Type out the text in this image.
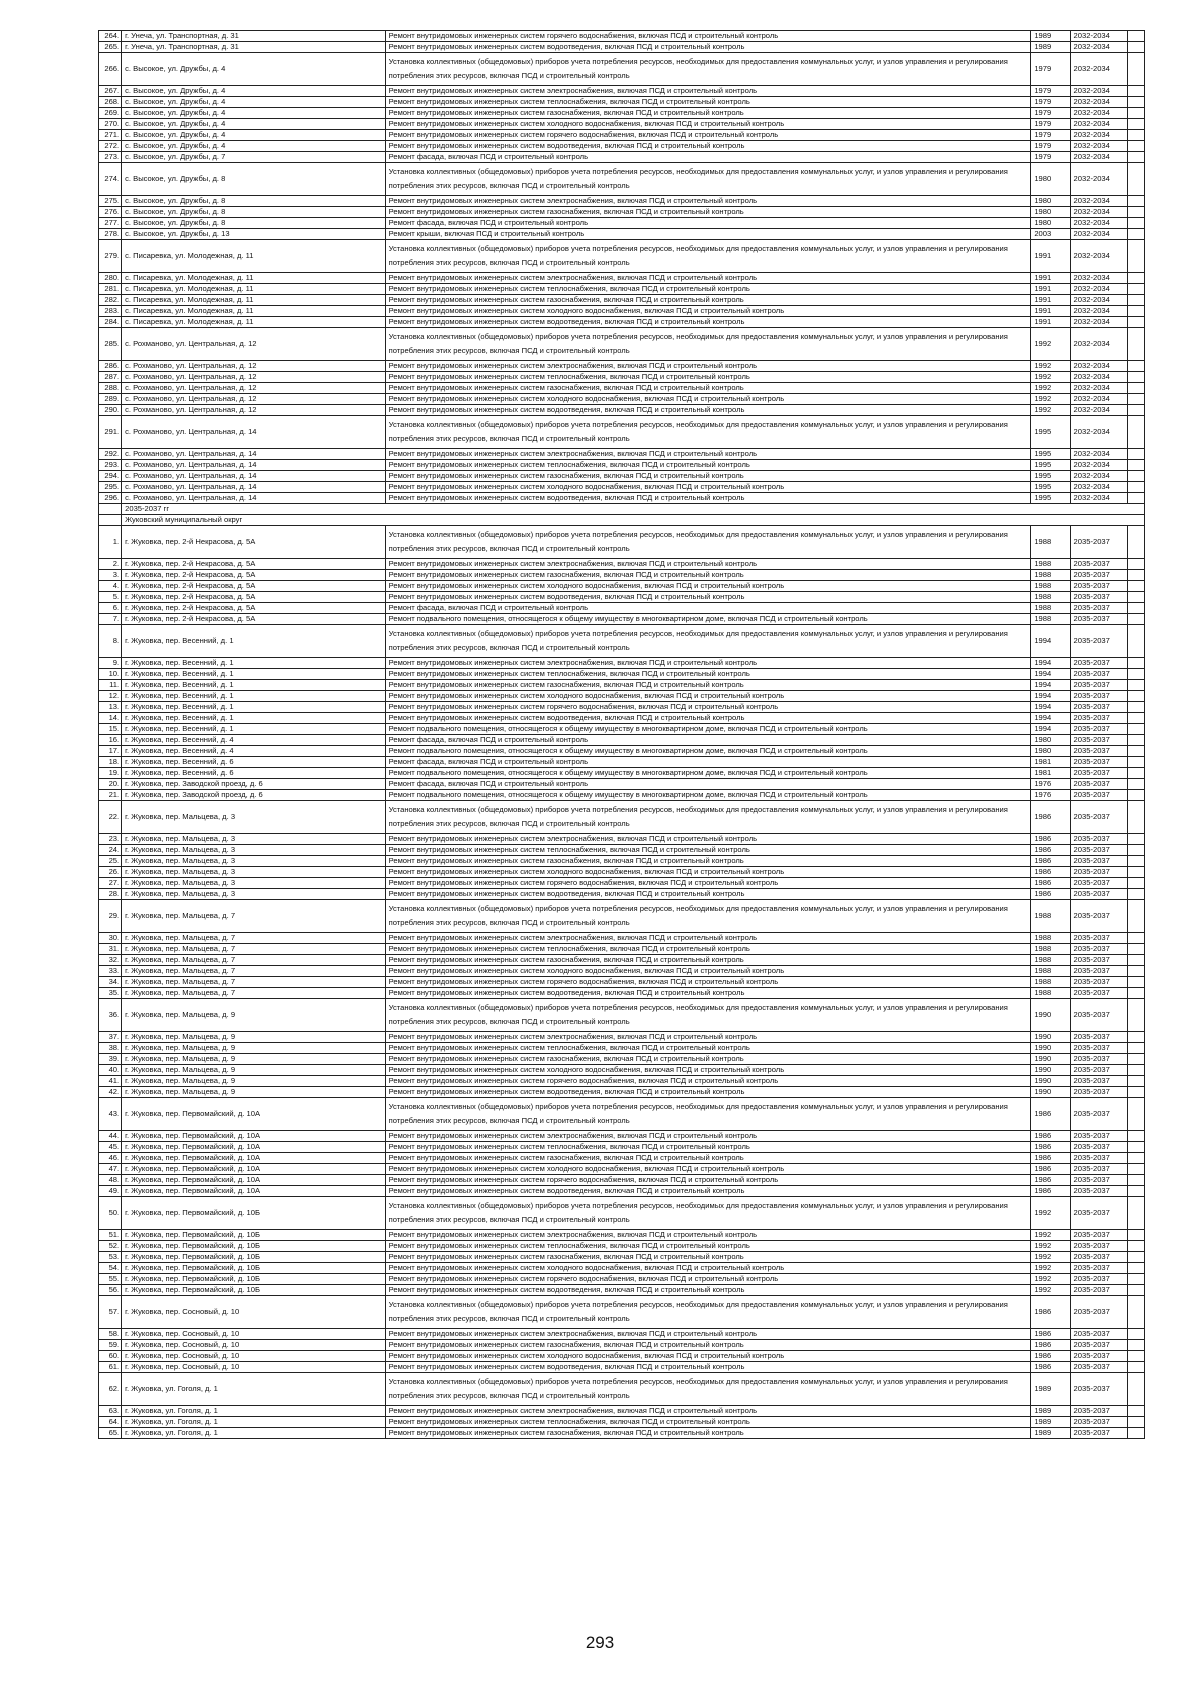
264.	г. Унеча, ул. Транспортная, д. 31	Ремонт внутридомовых инженерных систем горячего водоснабжения, включая ПСД и строительный контроль	1989	2032-2034	
265.	г. Унеча, ул. Транспортная, д. 31	Ремонт внутридомовых инженерных систем водоотведения, включая ПСД и строительный контроль	1989	2032-2034	
266.	с. Высокое, ул. Дружбы, д. 4	Установка коллективных (общедомовых) приборов учета потребления ресурсов, необходимых для предоставления коммунальных услуг, и узлов управления и регулирования потребления этих ресурсов, включая ПСД и строительный контроль	1979	2032-2034	
267.	с. Высокое, ул. Дружбы, д. 4	Ремонт внутридомовых инженерных систем электроснабжения, включая ПСД и строительный контроль	1979	2032-2034	
268.	с. Высокое, ул. Дружбы, д. 4	Ремонт внутридомовых инженерных систем теплоснабжения, включая ПСД и строительный контроль	1979	2032-2034	
269.	с. Высокое, ул. Дружбы, д. 4	Ремонт внутридомовых инженерных систем газоснабжения, включая ПСД и строительный контроль	1979	2032-2034	
270.	с. Высокое, ул. Дружбы, д. 4	Ремонт внутридомовых инженерных систем холодного водоснабжения, включая ПСД и строительный контроль	1979	2032-2034	
271.	с. Высокое, ул. Дружбы, д. 4	Ремонт внутридомовых инженерных систем горячего водоснабжения, включая ПСД и строительный контроль	1979	2032-2034	
272.	с. Высокое, ул. Дружбы, д. 4	Ремонт внутридомовых инженерных систем водоотведения, включая ПСД и строительный контроль	1979	2032-2034	
273.	с. Высокое, ул. Дружбы, д. 7	Ремонт фасада, включая ПСД и строительный контроль	1979	2032-2034	
274.	с. Высокое, ул. Дружбы, д. 8	Установка коллективных (общедомовых) приборов учета потребления ресурсов, необходимых для предоставления коммунальных услуг, и узлов управления и регулирования потребления этих ресурсов, включая ПСД и строительный контроль	1980	2032-2034	
275.	с. Высокое, ул. Дружбы, д. 8	Ремонт внутридомовых инженерных систем электроснабжения, включая ПСД и строительный контроль	1980	2032-2034	
276.	с. Высокое, ул. Дружбы, д. 8	Ремонт внутридомовых инженерных систем газоснабжения, включая ПСД и строительный контроль	1980	2032-2034	
277.	с. Высокое, ул. Дружбы, д. 8	Ремонт фасада, включая ПСД и строительный контроль	1980	2032-2034	
278.	с. Высокое, ул. Дружбы, д. 13	Ремонт крыши, включая ПСД и строительный контроль	2003	2032-2034	
279.	с. Писаревка, ул. Молодежная, д. 11	Установка коллективных (общедомовых) приборов учета потребления ресурсов, необходимых для предоставления коммунальных услуг, и узлов управления и регулирования потребления этих ресурсов, включая ПСД и строительный контроль	1991	2032-2034	
280.	с. Писаревка, ул. Молодежная, д. 11	Ремонт внутридомовых инженерных систем электроснабжения, включая ПСД и строительный контроль	1991	2032-2034	
281.	с. Писаревка, ул. Молодежная, д. 11	Ремонт внутридомовых инженерных систем теплоснабжения, включая ПСД и строительный контроль	1991	2032-2034	
282.	с. Писаревка, ул. Молодежная, д. 11	Ремонт внутридомовых инженерных систем газоснабжения, включая ПСД и строительный контроль	1991	2032-2034	
283.	с. Писаревка, ул. Молодежная, д. 11	Ремонт внутридомовых инженерных систем холодного водоснабжения, включая ПСД и строительный контроль	1991	2032-2034	
284.	с. Писаревка, ул. Молодежная, д. 11	Ремонт внутридомовых инженерных систем водоотведения, включая ПСД и строительный контроль	1991	2032-2034	
285.	с. Рохманово, ул. Центральная, д. 12	Установка коллективных (общедомовых) приборов учета потребления ресурсов, необходимых для предоставления коммунальных услуг, и узлов управления и регулирования потребления этих ресурсов, включая ПСД и строительный контроль	1992	2032-2034	
286.	с. Рохманово, ул. Центральная, д. 12	Ремонт внутридомовых инженерных систем электроснабжения, включая ПСД и строительный контроль	1992	2032-2034	
287.	с. Рохманово, ул. Центральная, д. 12	Ремонт внутридомовых инженерных систем теплоснабжения, включая ПСД и строительный контроль	1992	2032-2034	
288.	с. Рохманово, ул. Центральная, д. 12	Ремонт внутридомовых инженерных систем газоснабжения, включая ПСД и строительный контроль	1992	2032-2034	
289.	с. Рохманово, ул. Центральная, д. 12	Ремонт внутридомовых инженерных систем холодного водоснабжения, включая ПСД и строительный контроль	1992	2032-2034	
290.	с. Рохманово, ул. Центральная, д. 12	Ремонт внутридомовых инженерных систем водоотведения, включая ПСД и строительный контроль	1992	2032-2034	
291.	с. Рохманово, ул. Центральная, д. 14	Установка коллективных (общедомовых) приборов учета потребления ресурсов, необходимых для предоставления коммунальных услуг, и узлов управления и регулирования потребления этих ресурсов, включая ПСД и строительный контроль	1995	2032-2034	
292.	с. Рохманово, ул. Центральная, д. 14	Ремонт внутридомовых инженерных систем электроснабжения, включая ПСД и строительный контроль	1995	2032-2034	
293.	с. Рохманово, ул. Центральная, д. 14	Ремонт внутридомовых инженерных систем теплоснабжения, включая ПСД и строительный контроль	1995	2032-2034	
294.	с. Рохманово, ул. Центральная, д. 14	Ремонт внутридомовых инженерных систем газоснабжения, включая ПСД и строительный контроль	1995	2032-2034	
295.	с. Рохманово, ул. Центральная, д. 14	Ремонт внутридомовых инженерных систем холодного водоснабжения, включая ПСД и строительный контроль	1995	2032-2034	
296.	с. Рохманово, ул. Центральная, д. 14	Ремонт внутридомовых инженерных систем водоотведения, включая ПСД и строительный контроль	1995	2032-2034	
	2035-2037 гг				
	Жуковский муниципальный округ				
1.	г. Жуковка, пер. 2-й Некрасова, д. 5А	Установка коллективных (общедомовых) приборов учета потребления ресурсов, необходимых для предоставления коммунальных услуг, и узлов управления и регулирования потребления этих ресурсов, включая ПСД и строительный контроль	1988	2035-2037	
2.	г. Жуковка, пер. 2-й Некрасова, д. 5А	Ремонт внутридомовых инженерных систем электроснабжения, включая ПСД и строительный контроль	1988	2035-2037	
3.	г. Жуковка, пер. 2-й Некрасова, д. 5А	Ремонт внутридомовых инженерных систем газоснабжения, включая ПСД и строительный контроль	1988	2035-2037	
4.	г. Жуковка, пер. 2-й Некрасова, д. 5А	Ремонт внутридомовых инженерных систем холодного водоснабжения, включая ПСД и строительный контроль	1988	2035-2037	
5.	г. Жуковка, пер. 2-й Некрасова, д. 5А	Ремонт внутридомовых инженерных систем водоотведения, включая ПСД и строительный контроль	1988	2035-2037	
6.	г. Жуковка, пер. 2-й Некрасова, д. 5А	Ремонт фасада, включая ПСД и строительный контроль	1988	2035-2037	
7.	г. Жуковка, пер. 2-й Некрасова, д. 5А	Ремонт подвального помещения, относящегося к общему имуществу в многоквартирном доме, включая ПСД и строительный контроль	1988	2035-2037	
8.	г. Жуковка, пер. Весенний, д. 1	Установка коллективных (общедомовых) приборов учета потребления ресурсов, необходимых для предоставления коммунальных услуг, и узлов управления и регулирования потребления этих ресурсов, включая ПСД и строительный контроль	1994	2035-2037	
9.	г. Жуковка, пер. Весенний, д. 1	Ремонт внутридомовых инженерных систем электроснабжения, включая ПСД и строительный контроль	1994	2035-2037	
10.	г. Жуковка, пер. Весенний, д. 1	Ремонт внутридомовых инженерных систем теплоснабжения, включая ПСД и строительный контроль	1994	2035-2037	
11.	г. Жуковка, пер. Весенний, д. 1	Ремонт внутридомовых инженерных систем газоснабжения, включая ПСД и строительный контроль	1994	2035-2037	
12.	г. Жуковка, пер. Весенний, д. 1	Ремонт внутридомовых инженерных систем холодного водоснабжения, включая ПСД и строительный контроль	1994	2035-2037	
13.	г. Жуковка, пер. Весенний, д. 1	Ремонт внутридомовых инженерных систем горячего водоснабжения, включая ПСД и строительный контроль	1994	2035-2037	
14.	г. Жуковка, пер. Весенний, д. 1	Ремонт внутридомовых инженерных систем водоотведения, включая ПСД и строительный контроль	1994	2035-2037	
15.	г. Жуковка, пер. Весенний, д. 1	Ремонт подвального помещения, относящегося к общему имуществу в многоквартирном доме, включая ПСД и строительный контроль	1994	2035-2037	
16.	г. Жуковка, пер. Весенний, д. 4	Ремонт фасада, включая ПСД и строительный контроль	1980	2035-2037	
17.	г. Жуковка, пер. Весенний, д. 4	Ремонт подвального помещения, относящегося к общему имуществу в многоквартирном доме, включая ПСД и строительный контроль	1980	2035-2037	
18.	г. Жуковка, пер. Весенний, д. 6	Ремонт фасада, включая ПСД и строительный контроль	1981	2035-2037	
19.	г. Жуковка, пер. Весенний, д. 6	Ремонт подвального помещения, относящегося к общему имуществу в многоквартирном доме, включая ПСД и строительный контроль	1981	2035-2037	
20.	г. Жуковка, пер. Заводской проезд, д. 6	Ремонт фасада, включая ПСД и строительный контроль	1976	2035-2037	
21.	г. Жуковка, пер. Заводской проезд, д. 6	Ремонт подвального помещения, относящегося к общему имуществу в многоквартирном доме, включая ПСД и строительный контроль	1976	2035-2037	
22.	г. Жуковка, пер. Мальцева, д. 3	Установка коллективных (общедомовых) приборов учета потребления ресурсов, необходимых для предоставления коммунальных услуг, и узлов управления и регулирования потребления этих ресурсов, включая ПСД и строительный контроль	1986	2035-2037	
23.	г. Жуковка, пер. Мальцева, д. 3	Ремонт внутридомовых инженерных систем электроснабжения, включая ПСД и строительный контроль	1986	2035-2037	
24.	г. Жуковка, пер. Мальцева, д. 3	Ремонт внутридомовых инженерных систем теплоснабжения, включая ПСД и строительный контроль	1986	2035-2037	
25.	г. Жуковка, пер. Мальцева, д. 3	Ремонт внутридомовых инженерных систем газоснабжения, включая ПСД и строительный контроль	1986	2035-2037	
26.	г. Жуковка, пер. Мальцева, д. 3	Ремонт внутридомовых инженерных систем холодного водоснабжения, включая ПСД и строительный контроль	1986	2035-2037	
27.	г. Жуковка, пер. Мальцева, д. 3	Ремонт внутридомовых инженерных систем горячего водоснабжения, включая ПСД и строительный контроль	1986	2035-2037	
28.	г. Жуковка, пер. Мальцева, д. 3	Ремонт внутридомовых инженерных систем водоотведения, включая ПСД и строительный контроль	1986	2035-2037	
29.	г. Жуковка, пер. Мальцева, д. 7	Установка коллективных (общедомовых) приборов учета потребления ресурсов, необходимых для предоставления коммунальных услуг, и узлов управления и регулирования потребления этих ресурсов, включая ПСД и строительный контроль	1988	2035-2037	
30.	г. Жуковка, пер. Мальцева, д. 7	Ремонт внутридомовых инженерных систем электроснабжения, включая ПСД и строительный контроль	1988	2035-2037	
31.	г. Жуковка, пер. Мальцева, д. 7	Ремонт внутридомовых инженерных систем теплоснабжения, включая ПСД и строительный контроль	1988	2035-2037	
32.	г. Жуковка, пер. Мальцева, д. 7	Ремонт внутридомовых инженерных систем газоснабжения, включая ПСД и строительный контроль	1988	2035-2037	
33.	г. Жуковка, пер. Мальцева, д. 7	Ремонт внутридомовых инженерных систем холодного водоснабжения, включая ПСД и строительный контроль	1988	2035-2037	
34.	г. Жуковка, пер. Мальцева, д. 7	Ремонт внутридомовых инженерных систем горячего водоснабжения, включая ПСД и строительный контроль	1988	2035-2037	
35.	г. Жуковка, пер. Мальцева, д. 7	Ремонт внутридомовых инженерных систем водоотведения, включая ПСД и строительный контроль	1988	2035-2037	
36.	г. Жуковка, пер. Мальцева, д. 9	Установка коллективных (общедомовых) приборов учета потребления ресурсов, необходимых для предоставления коммунальных услуг, и узлов управления и регулирования потребления этих ресурсов, включая ПСД и строительный контроль	1990	2035-2037	
37.	г. Жуковка, пер. Мальцева, д. 9	Ремонт внутридомовых инженерных систем электроснабжения, включая ПСД и строительный контроль	1990	2035-2037	
38.	г. Жуковка, пер. Мальцева, д. 9	Ремонт внутридомовых инженерных систем теплоснабжения, включая ПСД и строительный контроль	1990	2035-2037	
39.	г. Жуковка, пер. Мальцева, д. 9	Ремонт внутридомовых инженерных систем газоснабжения, включая ПСД и строительный контроль	1990	2035-2037	
40.	г. Жуковка, пер. Мальцева, д. 9	Ремонт внутридомовых инженерных систем холодного водоснабжения, включая ПСД и строительный контроль	1990	2035-2037	
41.	г. Жуковка, пер. Мальцева, д. 9	Ремонт внутридомовых инженерных систем горячего водоснабжения, включая ПСД и строительный контроль	1990	2035-2037	
42.	г. Жуковка, пер. Мальцева, д. 9	Ремонт внутридомовых инженерных систем водоотведения, включая ПСД и строительный контроль	1990	2035-2037	
43.	г. Жуковка, пер. Первомайский, д. 10А	Установка коллективных (общедомовых) приборов учета потребления ресурсов, необходимых для предоставления коммунальных услуг, и узлов управления и регулирования потребления этих ресурсов, включая ПСД и строительный контроль	1986	2035-2037	
44.	г. Жуковка, пер. Первомайский, д. 10А	Ремонт внутридомовых инженерных систем электроснабжения, включая ПСД и строительный контроль	1986	2035-2037	
45.	г. Жуковка, пер. Первомайский, д. 10А	Ремонт внутридомовых инженерных систем теплоснабжения, включая ПСД и строительный контроль	1986	2035-2037	
46.	г. Жуковка, пер. Первомайский, д. 10А	Ремонт внутридомовых инженерных систем газоснабжения, включая ПСД и строительный контроль	1986	2035-2037	
47.	г. Жуковка, пер. Первомайский, д. 10А	Ремонт внутридомовых инженерных систем холодного водоснабжения, включая ПСД и строительный контроль	1986	2035-2037	
48.	г. Жуковка, пер. Первомайский, д. 10А	Ремонт внутридомовых инженерных систем горячего водоснабжения, включая ПСД и строительный контроль	1986	2035-2037	
49.	г. Жуковка, пер. Первомайский, д. 10А	Ремонт внутридомовых инженерных систем водоотведения, включая ПСД и строительный контроль	1986	2035-2037	
50.	г. Жуковка, пер. Первомайский, д. 10Б	Установка коллективных (общедомовых) приборов учета потребления ресурсов, необходимых для предоставления коммунальных услуг, и узлов управления и регулирования потребления этих ресурсов, включая ПСД и строительный контроль	1992	2035-2037	
51.	г. Жуковка, пер. Первомайский, д. 10Б	Ремонт внутридомовых инженерных систем электроснабжения, включая ПСД и строительный контроль	1992	2035-2037	
52.	г. Жуковка, пер. Первомайский, д. 10Б	Ремонт внутридомовых инженерных систем теплоснабжения, включая ПСД и строительный контроль	1992	2035-2037	
53.	г. Жуковка, пер. Первомайский, д. 10Б	Ремонт внутридомовых инженерных систем газоснабжения, включая ПСД и строительный контроль	1992	2035-2037	
54.	г. Жуковка, пер. Первомайский, д. 10Б	Ремонт внутридомовых инженерных систем холодного водоснабжения, включая ПСД и строительный контроль	1992	2035-2037	
55.	г. Жуковка, пер. Первомайский, д. 10Б	Ремонт внутридомовых инженерных систем горячего водоснабжения, включая ПСД и строительный контроль	1992	2035-2037	
56.	г. Жуковка, пер. Первомайский, д. 10Б	Ремонт внутридомовых инженерных систем водоотведения, включая ПСД и строительный контроль	1992	2035-2037	
57.	г. Жуковка, пер. Сосновый, д. 10	Установка коллективных (общедомовых) приборов учета потребления ресурсов, необходимых для предоставления коммунальных услуг, и узлов управления и регулирования потребления этих ресурсов, включая ПСД и строительный контроль	1986	2035-2037	
58.	г. Жуковка, пер. Сосновый, д. 10	Ремонт внутридомовых инженерных систем электроснабжения, включая ПСД и строительный контроль	1986	2035-2037	
59.	г. Жуковка, пер. Сосновый, д. 10	Ремонт внутридомовых инженерных систем газоснабжения, включая ПСД и строительный контроль	1986	2035-2037	
60.	г. Жуковка, пер. Сосновый, д. 10	Ремонт внутридомовых инженерных систем холодного водоснабжения, включая ПСД и строительный контроль	1986	2035-2037	
61.	г. Жуковка, пер. Сосновый, д. 10	Ремонт внутридомовых инженерных систем водоотведения, включая ПСД и строительный контроль	1986	2035-2037	
62.	г. Жуковка, ул. Гоголя, д. 1	Установка коллективных (общедомовых) приборов учета потребления ресурсов, необходимых для предоставления коммунальных услуг, и узлов управления и регулирования потребления этих ресурсов, включая ПСД и строительный контроль	1989	2035-2037	
63.	г. Жуковка, ул. Гоголя, д. 1	Ремонт внутридомовых инженерных систем электроснабжения, включая ПСД и строительный контроль	1989	2035-2037	
64.	г. Жуковка, ул. Гоголя, д. 1	Ремонт внутридомовых инженерных систем теплоснабжения, включая ПСД и строительный контроль	1989	2035-2037	
65.	г. Жуковка, ул. Гоголя, д. 1	Ремонт внутридомовых инженерных систем газоснабжения, включая ПСД и строительный контроль	1989	2035-2037	
293
